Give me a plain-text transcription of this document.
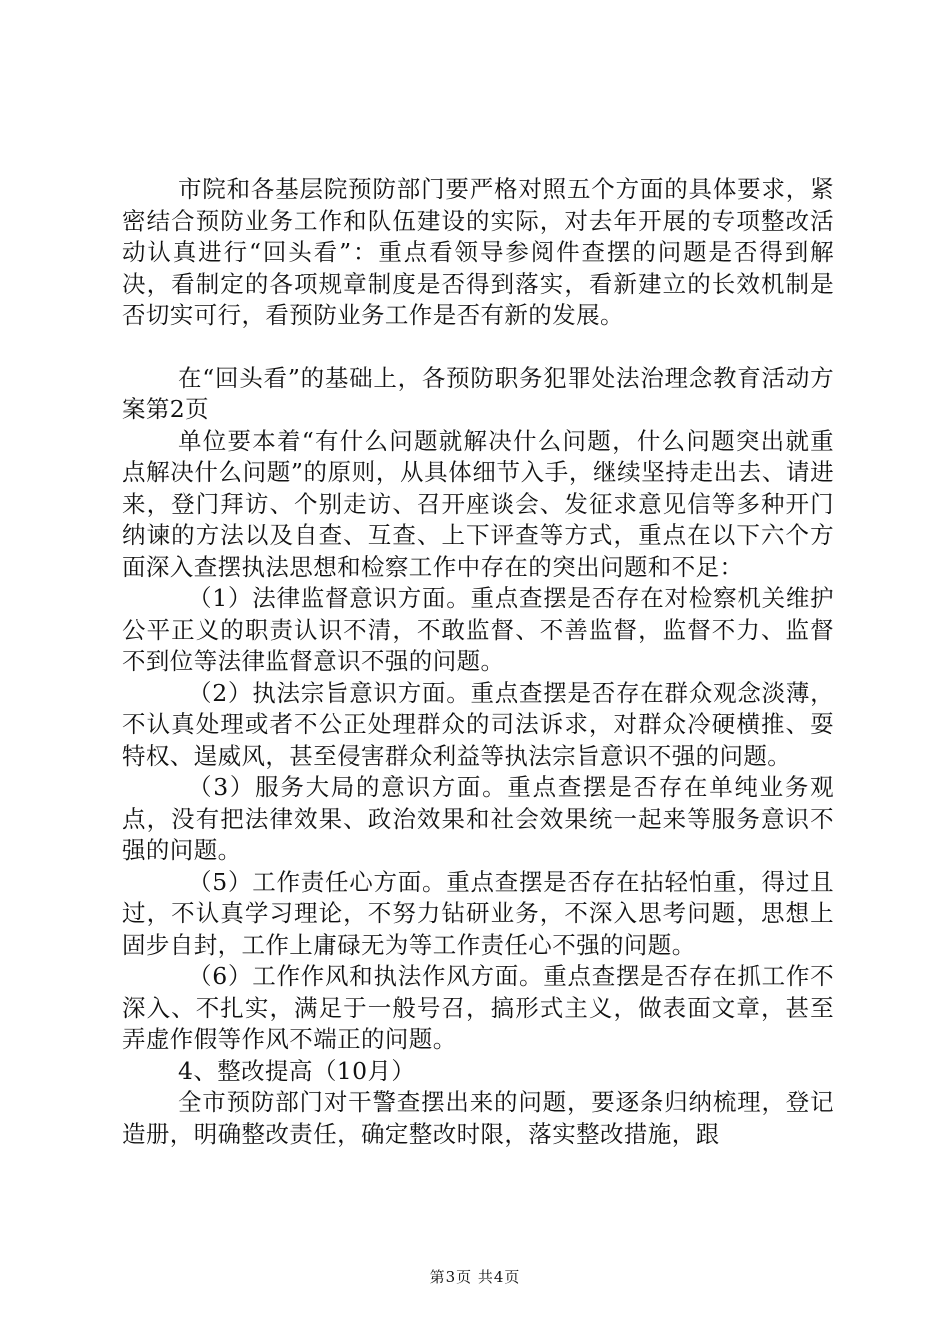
市院和各基层院预防部门要严格对照五个方面的具体要求，紧密结合预防业务工作和队伍建设的实际，对去年开展的专项整改活动认真进行“回头看”：重点看领导参阅件查摆的问题是否得到解决，看制定的各项规章制度是否得到落实，看新建立的长效机制是否切实可行，看预防业务工作是否有新的发展。

在“回头看”的基础上，各预防职务犯罪处法治理念教育活动方案第2页

单位要本着“有什么问题就解决什么问题，什么问题突出就重点解决什么问题”的原则，从具体细节入手，继续坚持走出去、请进来，登门拜访、个别走访、召开座谈会、发征求意见信等多种开门纳谏的方法以及自查、互查、上下评查等方式，重点在以下六个方面深入查摆执法思想和检察工作中存在的突出问题和不足：

（1）法律监督意识方面。重点查摆是否存在对检察机关维护公平正义的职责认识不清，不敢监督、不善监督，监督不力、监督不到位等法律监督意识不强的问题。

（2）执法宗旨意识方面。重点查摆是否存在群众观念淡薄，不认真处理或者不公正处理群众的司法诉求，对群众冷硬横推、耍特权、逞威风，甚至侵害群众利益等执法宗旨意识不强的问题。

（3）服务大局的意识方面。重点查摆是否存在单纯业务观点，没有把法律效果、政治效果和社会效果统一起来等服务意识不强的问题。

（5）工作责任心方面。重点查摆是否存在拈轻怕重，得过且过，不认真学习理论，不努力钻研业务，不深入思考问题，思想上固步自封，工作上庸碌无为等工作责任心不强的问题。

（6）工作作风和执法作风方面。重点查摆是否存在抓工作不深入、不扎实，满足于一般号召，搞形式主义，做表面文章，甚至弄虚作假等作风不端正的问题。

4、整改提高（10月）

全市预防部门对干警查摆出来的问题，要逐条归纳梳理，登记造册，明确整改责任，确定整改时限，落实整改措施，跟

第3页 共4页
